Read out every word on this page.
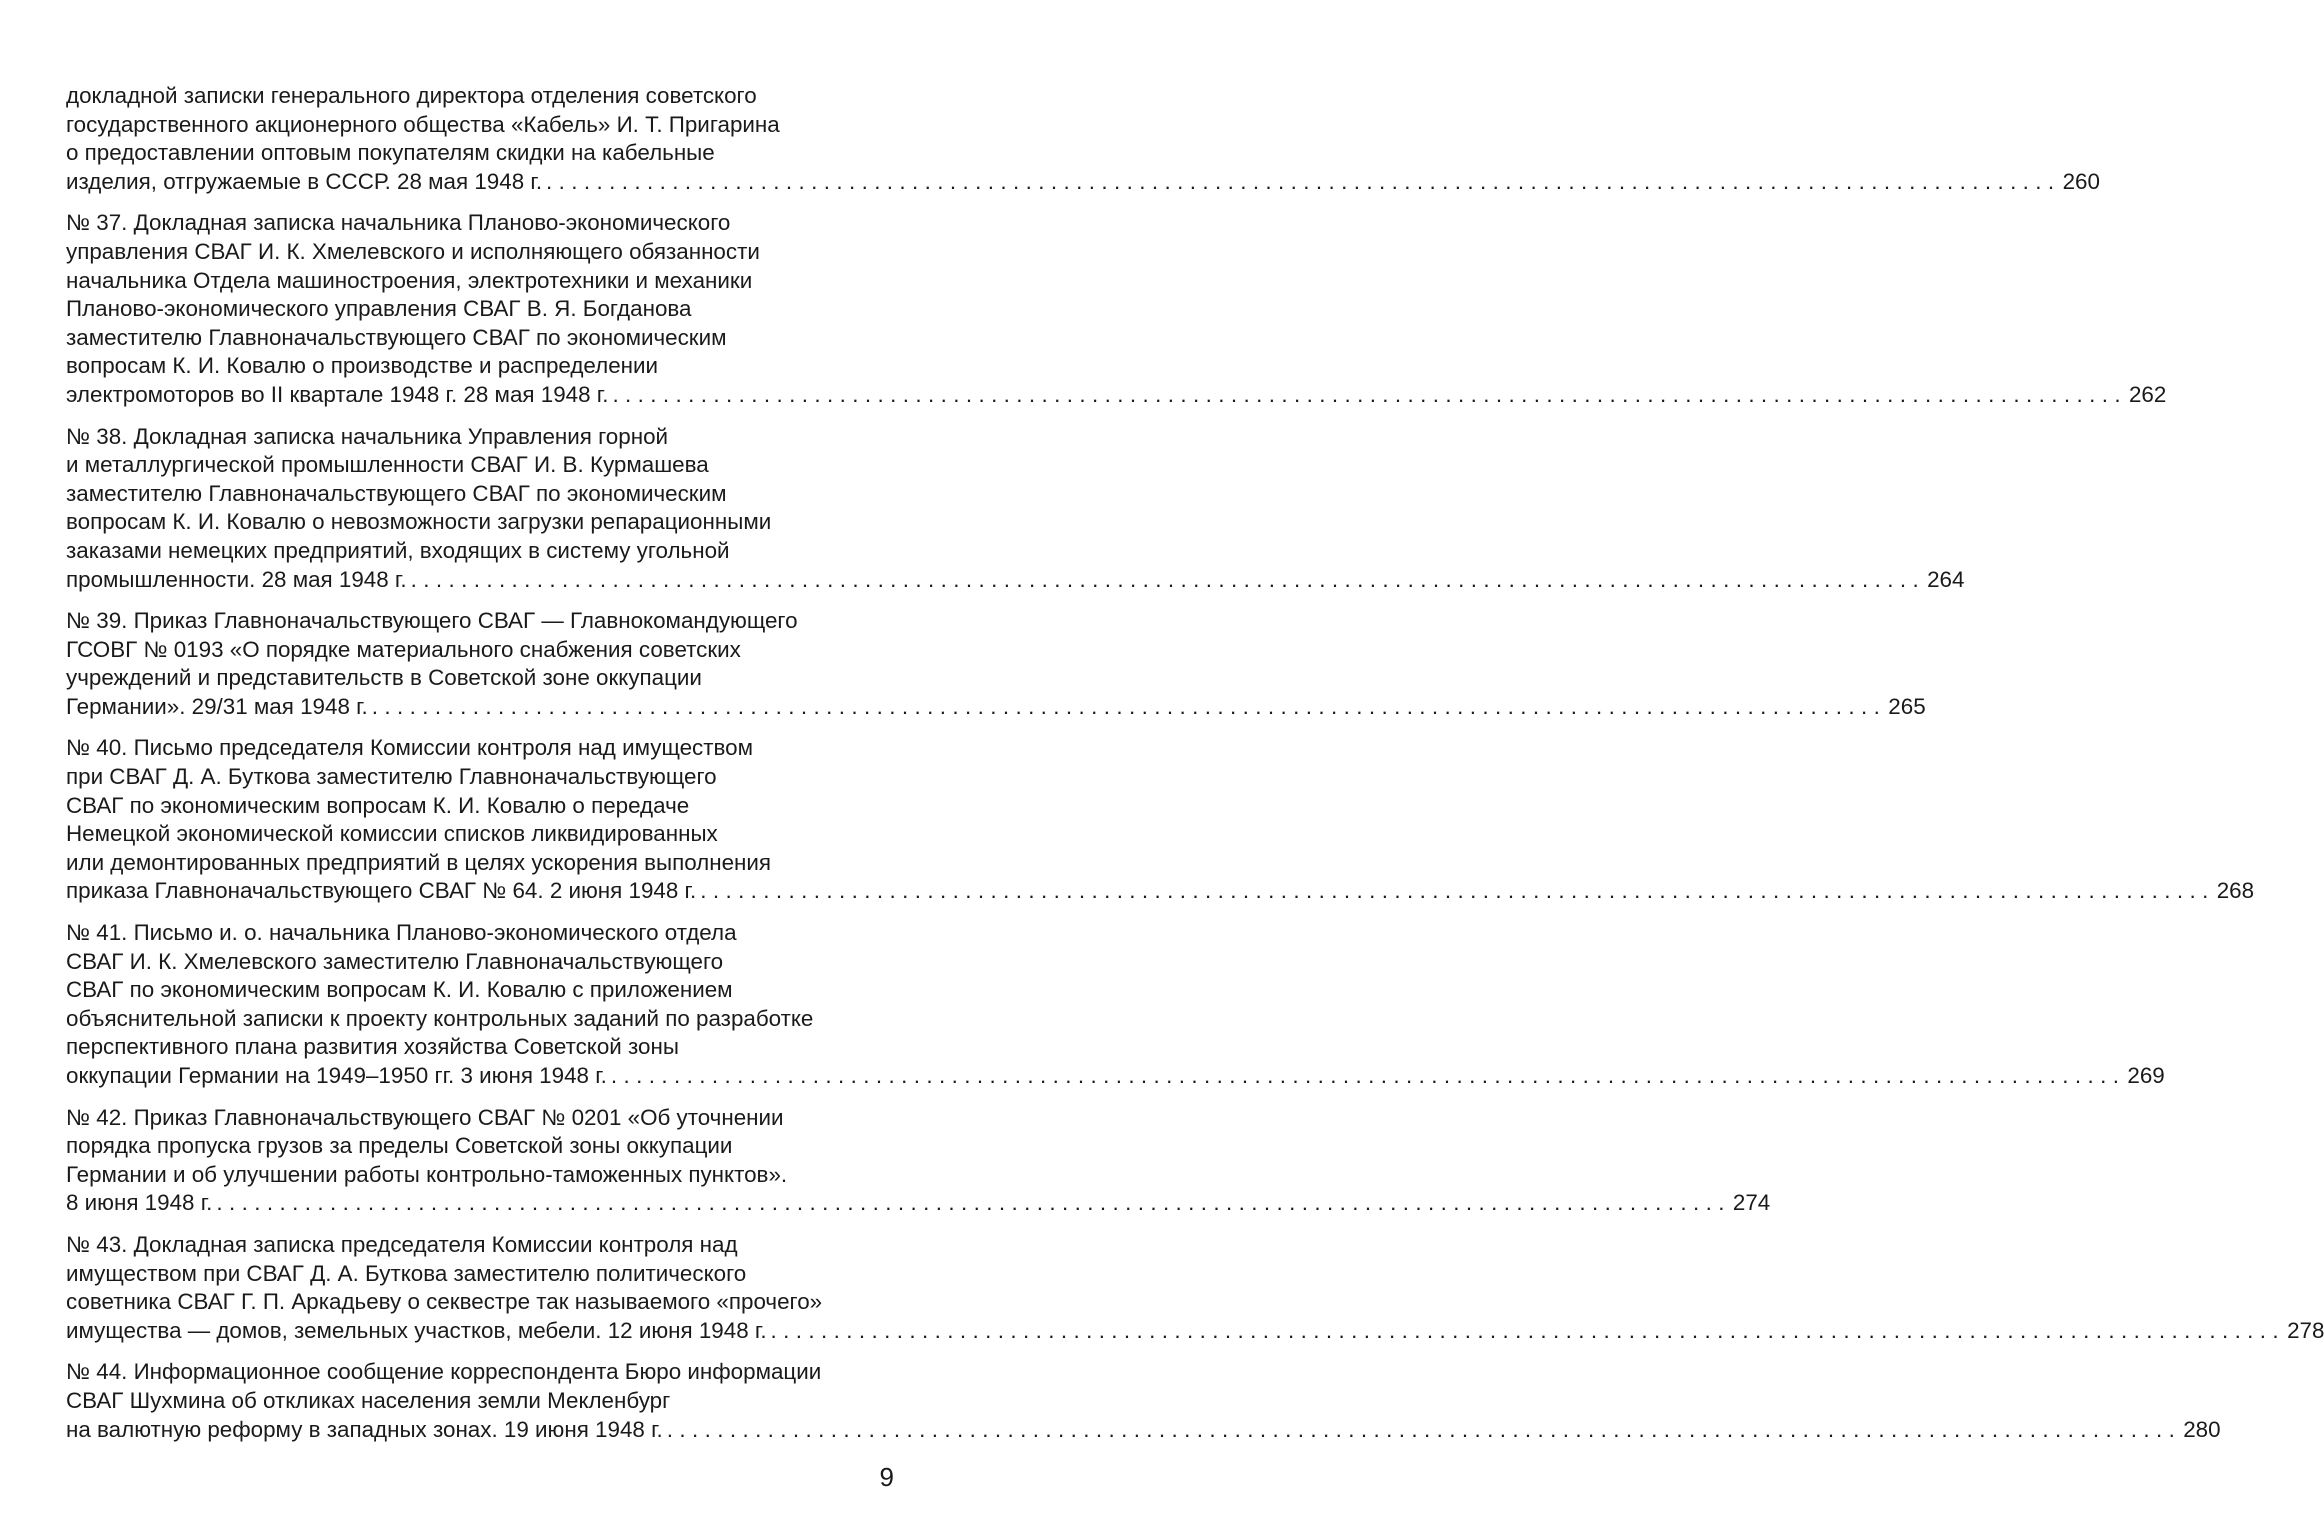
докладной записки генерального директора отделения советского
государственного акционерного общества «Кабель» И. Т. Пригарина
о предоставлении оптовым покупателям скидки на кабельные
изделия, отгружаемые в СССР. 28 мая 1948 г. ........................................................................................................................ 260
№ 37. Докладная записка начальника Планово-экономического
управления СВАГ И. К. Хмелевского и исполняющего обязанности
начальника Отдела машиностроения, электротехники и механики
Планово-экономического управления СВАГ В. Я. Богданова
заместителю Главноначальствующего СВАГ по экономическим
вопросам К. И. Ковалю о производстве и распределении
электромоторов во II квартале 1948 г. 28 мая 1948 г. ........................................................................................................................ 262
№ 38. Докладная записка начальника Управления горной
и металлургической промышленности СВАГ И. В. Курмашева
заместителю Главноначальствующего СВАГ по экономическим
вопросам К. И. Ковалю о невозможности загрузки репарационными
заказами немецких предприятий, входящих в систему угольной
промышленности. 28 мая 1948 г. ........................................................................................................................ 264
№ 39. Приказ Главноначальствующего СВАГ — Главнокомандующего
ГСОВГ № 0193 «О порядке материального снабжения советских
учреждений и представительств в Советской зоне оккупации
Германии». 29/31 мая 1948 г. ........................................................................................................................ 265
№ 40. Письмо председателя Комиссии контроля над имуществом
при СВАГ Д. А. Буткова заместителю Главноначальствующего
СВАГ по экономическим вопросам К. И. Ковалю о передаче
Немецкой экономической комиссии списков ликвидированных
или демонтированных предприятий в целях ускорения выполнения
приказа Главноначальствующего СВАГ № 64. 2 июня 1948 г. ........................................................................................................................ 268
№ 41. Письмо и. о. начальника Планово-экономического отдела
СВАГ И. К. Хмелевского заместителю Главноначальствующего
СВАГ по экономическим вопросам К. И. Ковалю с приложением
объяснительной записки к проекту контрольных заданий по разработке
перспективного плана развития хозяйства Советской зоны
оккупации Германии на 1949–1950 гг. 3 июня 1948 г. ........................................................................................................................ 269
№ 42. Приказ Главноначальствующего СВАГ № 0201 «Об уточнении
порядка пропуска грузов за пределы Советской зоны оккупации
Германии и об улучшении работы контрольно-таможенных пунктов».
8 июня 1948 г. ........................................................................................................................ 274
№ 43. Докладная записка председателя Комиссии контроля над
имуществом при СВАГ Д. А. Буткова заместителю политического
советника СВАГ Г. П. Аркадьеву о секвестре так называемого «прочего»
имущества — домов, земельных участков, мебели. 12 июня 1948 г. ........................................................................................................................ 278
№ 44. Информационное сообщение корреспондента Бюро информации
СВАГ Шухмина об откликах населения земли Мекленбург
на валютную реформу в западных зонах. 19 июня 1948 г. ........................................................................................................................ 280
9
